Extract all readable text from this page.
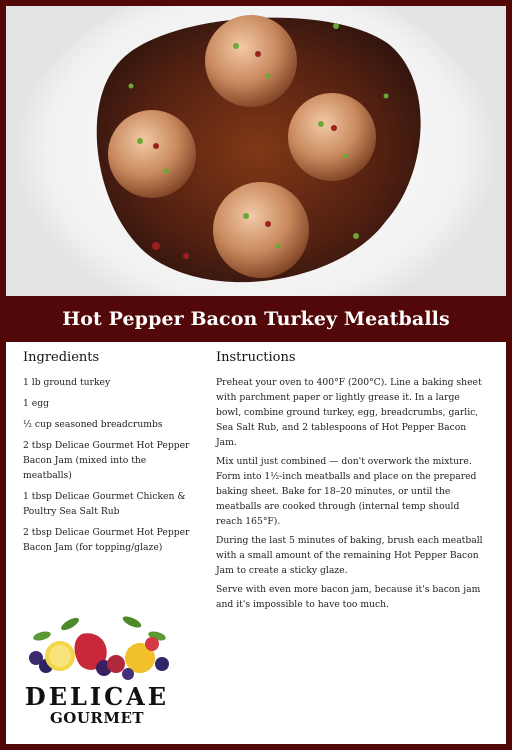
Hot Pepper Bacon Turkey Meatballs
Ingredients
1 lb ground turkey
1 egg
½ cup seasoned breadcrumbs
2 tbsp Delicae Gourmet Hot Pepper Bacon Jam (mixed into the meatballs)
1 tbsp Delicae Gourmet Chicken & Poultry Sea Salt Rub
2 tbsp Delicae Gourmet Hot Pepper Bacon Jam (for topping/glaze)
Instructions

Preheat your oven to 400°F (200°C). Line a baking sheet with parchment paper or lightly grease it. In a large bowl, combine ground turkey, egg, breadcrumbs, garlic, Sea Salt Rub, and 2 tablespoons of Hot Pepper Bacon Jam.

Mix until just combined — don't overwork the mixture. Form into 1½-inch meatballs and place on the prepared baking sheet. Bake for 18–20 minutes, or until the meatballs are cooked through (internal temp should reach 165°F).

During the last 5 minutes of baking, brush each meatball with a small amount of the remaining Hot Pepper Bacon Jam to create a sticky glaze.

Serve with even more bacon jam, because it's bacon jam and it's impossible to have too much.

DELICAE
GOURMET
